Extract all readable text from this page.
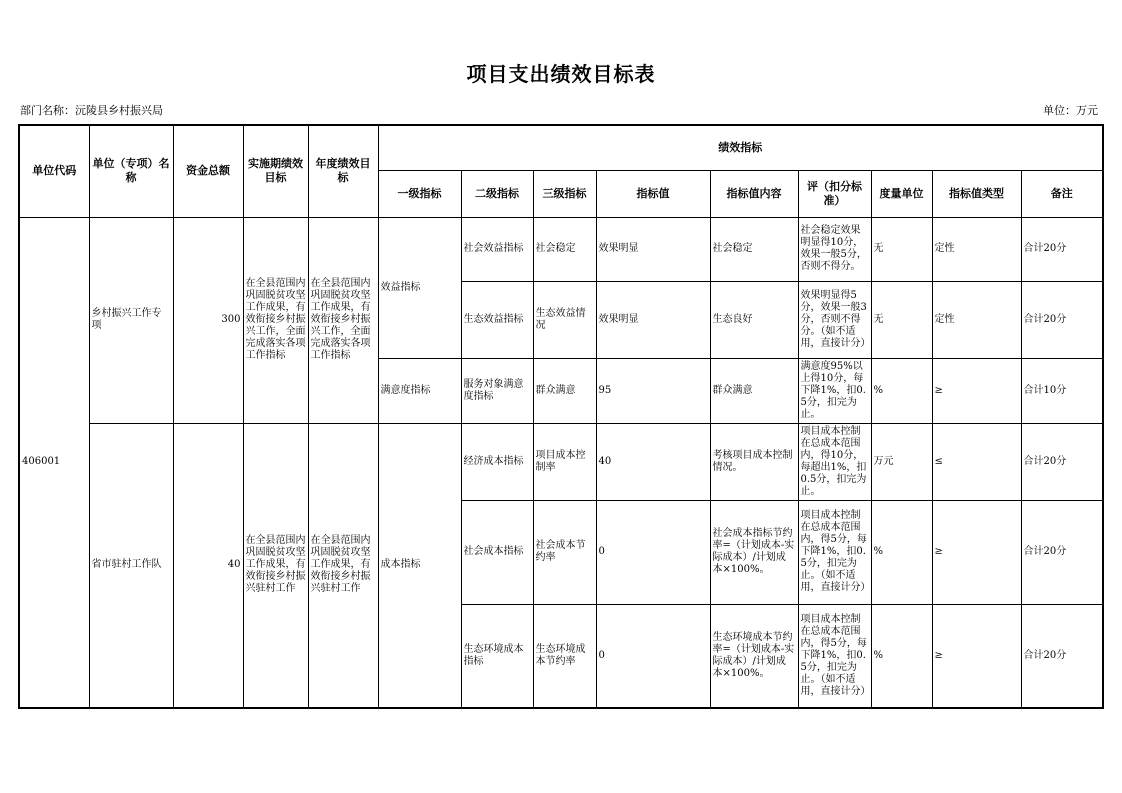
项目支出绩效目标表
部门名称：沅陵县乡村振兴局	单位：万元
单位代码	单位（专项）名称	资金总额	实施期绩效目标	年度绩效目标	绩效指标								
					一级指标	二级指标	三级指标	指标值	指标值内容	评（扣分标准）	度量单位	指标值类型	备注
406001	乡村振兴工作专项	300	在全县范围内巩固脱贫攻坚工作成果，有效衔接乡村振兴工作，全面完成落实各项工作指标	在全县范围内巩固脱贫攻坚工作成果，有效衔接乡村振兴工作，全面完成落实各项工作指标	效益指标	社会效益指标	社会稳定	效果明显	社会稳定	社会稳定效果明显得10分，效果一般5分，否则不得分。	无	定性	合计20分
						生态效益指标	生态效益情况	效果明显	生态良好	效果明显得5分，效果一般3分，否则不得分。（如不适用，直接计分）	无	定性	合计20分
					满意度指标	服务对象满意度指标	群众满意	95	群众满意	满意度95%以上得10分，每下降1%，扣0.5分，扣完为止。	%	≥	合计10分
	省市驻村工作队	40	在全县范围内巩固脱贫攻坚工作成果，有效衔接乡村振兴驻村工作	在全县范围内巩固脱贫攻坚工作成果，有效衔接乡村振兴驻村工作	成本指标	经济成本指标	项目成本控制率	40	考核项目成本控制情况。	项目成本控制在总成本范围内，得10分，每超出1%，扣0.5分，扣完为止。	万元	≤	合计20分
						社会成本指标	社会成本节约率	0	社会成本指标节约率=（计划成本-实际成本）/计划成本×100%。	项目成本控制在总成本范围内，得5分，每下降1%，扣0.5分，扣完为止。（如不适用，直接计分）	%	≥	合计20分
						生态环境成本指标	生态环境成本节约率	0	生态环境成本节约率=（计划成本-实际成本）/计划成本×100%。	项目成本控制在总成本范围内，得5分，每下降1%，扣0.5分，扣完为止。（如不适用，直接计分）	%	≥	合计20分
